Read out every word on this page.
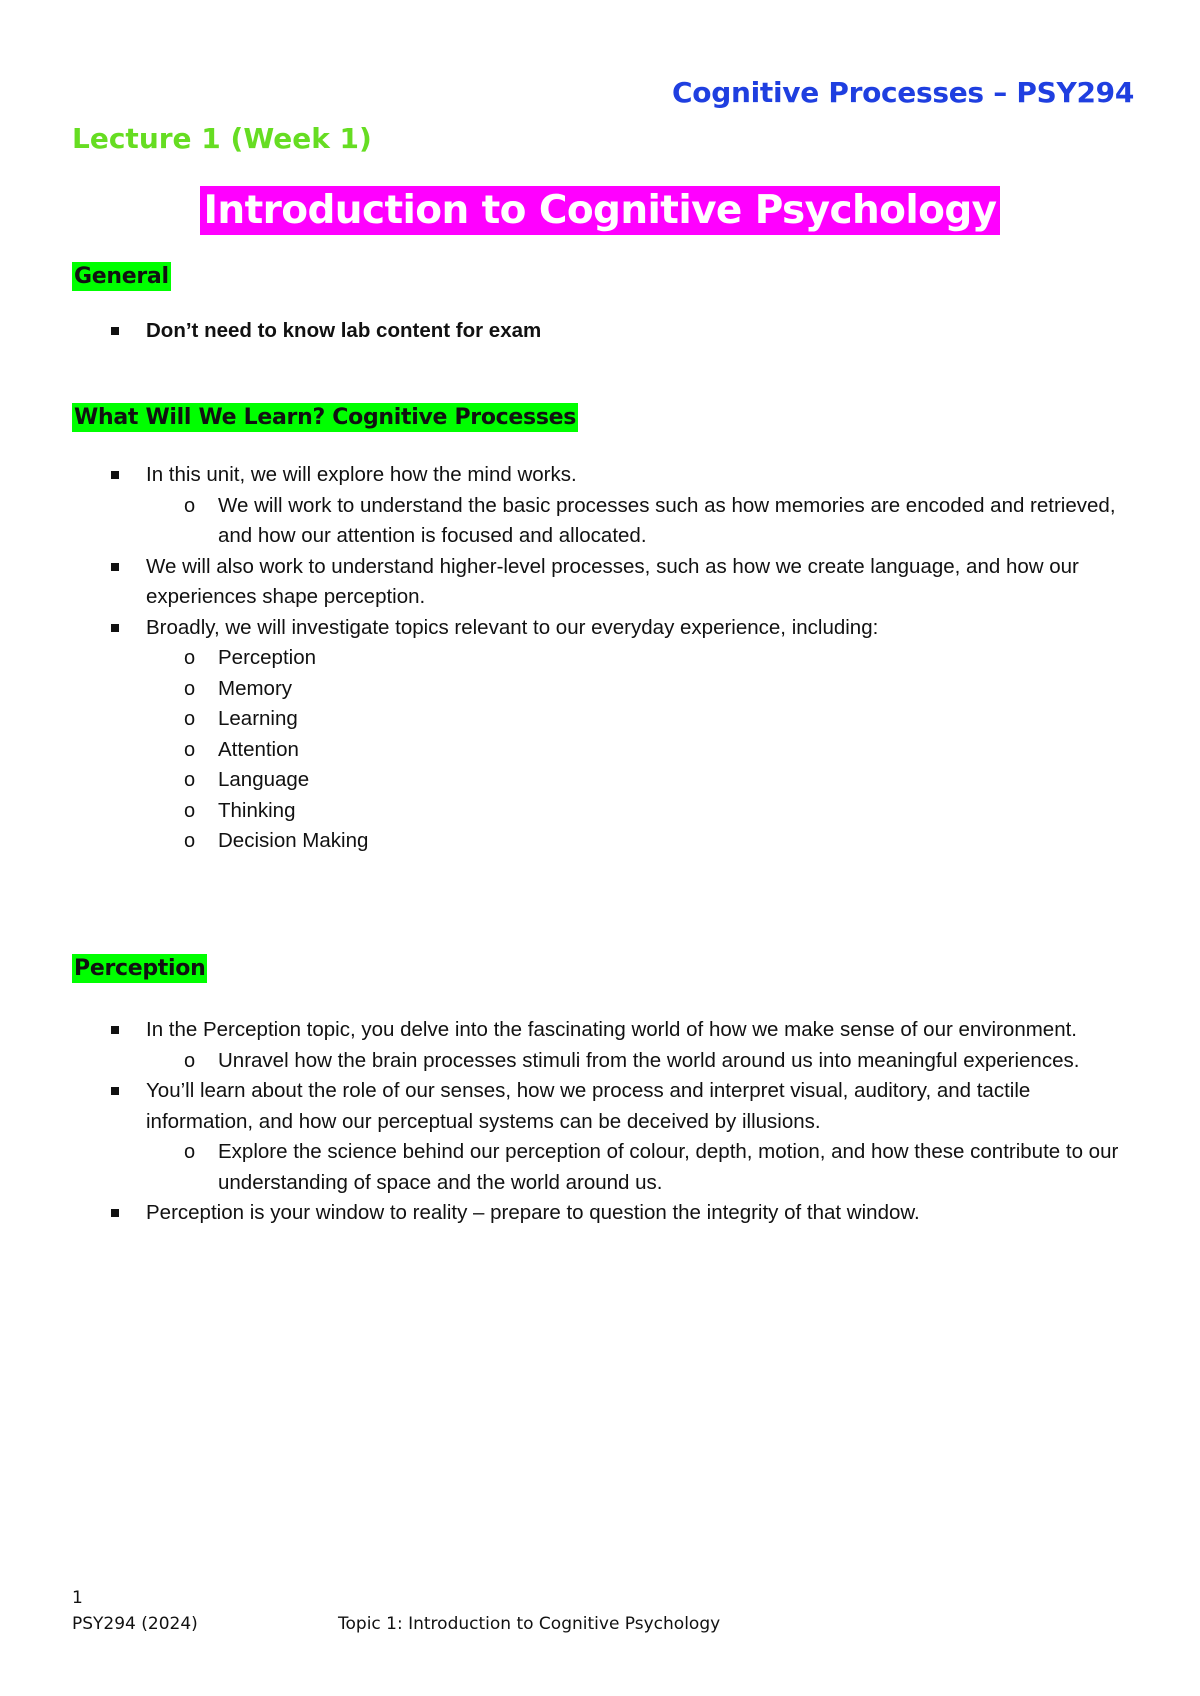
Cognitive Processes – PSY294
Lecture 1 (Week 1)
Introduction to Cognitive Psychology
General
Don’t need to know lab content for exam
What Will We Learn? Cognitive Processes
In this unit, we will explore how the mind works.
o We will work to understand the basic processes such as how memories are encoded and retrieved, and how our attention is focused and allocated.
We will also work to understand higher-level processes, such as how we create language, and how our experiences shape perception.
Broadly, we will investigate topics relevant to our everyday experience, including:
o Perception
o Memory
o Learning
o Attention
o Language
o Thinking
o Decision Making
Perception
In the Perception topic, you delve into the fascinating world of how we make sense of our environment.
o Unravel how the brain processes stimuli from the world around us into meaningful experiences.
You’ll learn about the role of our senses, how we process and interpret visual, auditory, and tactile information, and how our perceptual systems can be deceived by illusions.
o Explore the science behind our perception of colour, depth, motion, and how these contribute to our understanding of space and the world around us.
Perception is your window to reality – prepare to question the integrity of that window.
1
PSY294 (2024)	Topic 1: Introduction to Cognitive Psychology
